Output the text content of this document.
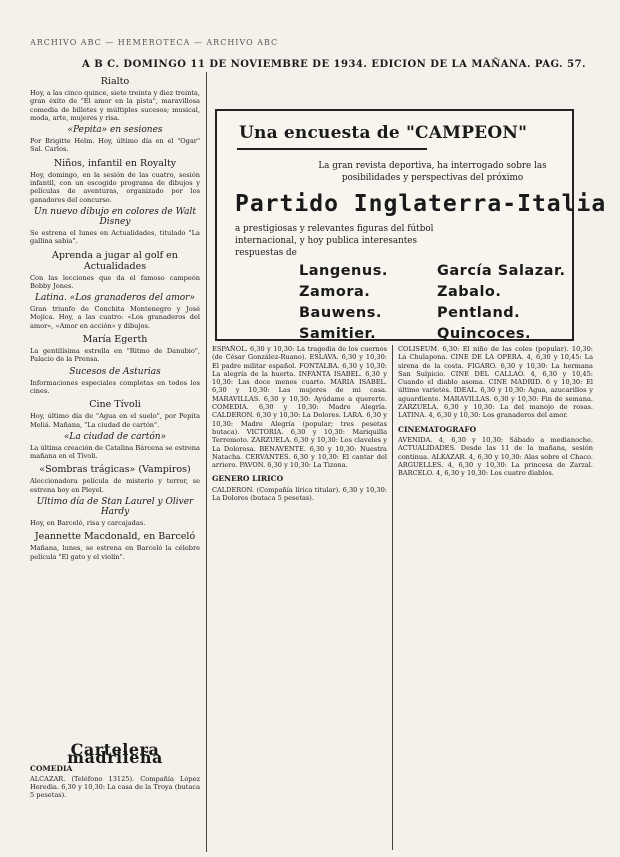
ARCHIVO ABC — HEMEROTECA — ARCHIVO ABC
A B C. DOMINGO 11 DE NOVIEMBRE DE 1934. EDICION DE LA MAÑANA. PAG. 57.
Rialto

Hoy, a las cinco quince, siete treinta y diez treinta, gran éxito de "El amor en la pista", maravillosa comedia de billetes y múltiples sucesos; musical, moda, arte, mujeres y risa.

«Pepita» en sesiones

Por Brigitte Helm. Hoy, último día en el "Ogar" Sal. Carlos.

Niños, infantil en Royalty

Hoy, domingo, en la sesión de las cuatro, sesión infantil, con un escogido programa de dibujos y películas de aventuras, organizado por los ganadores del concurso.

Un nuevo dibujo en colores de Walt Disney

Se estrena el lunes en Actualidades, titulado "La gallina sabia".

Aprenda a jugar al golf en Actualidades

Con las lecciones que da el famoso campeón Bobby Jones.

Latina. «Los granaderos del amor»

Gran triunfo de Conchita Montenegro y José Mojica. Hoy, a las cuatro: «Los granaderos del amor», «Amor en acción» y dibujos.

María Egerth

La gentilísima estrella en "Ritmo de Danubio", Palacio de la Prensa.

Sucesos de Asturias

Informaciones especiales completas en todos los cines.

Cine Tívoli

Hoy, último día de "Agua en el suelo", por Pepita Meliá. Mañana, "La ciudad de cartón".

«La ciudad de cartón»

La última creación de Catalina Bárcena se estrena mañana en el Tívoli.

«Sombras trágicas» (Vampiros)

Aleccionadora película de misterio y terror, se estrena hoy en Pleyel.

Ultimo día de Stan Laurel y Oliver Hardy

Hoy, en Barceló, risa y carcajadas.

Jeannette Macdonald, en Barceló

Mañana, lunes, se estrena en Barceló la célebre película "El gato y el violín".

Cartelera madrileña
COMEDIA

ALCAZAR. (Teléfono 13125). Compañía López Heredia. 6,30 y 10,30: La casa de la Troya (butaca 5 pesetas).

Una encuesta de "CAMPEON"
La gran revista deportiva, ha interrogado sobre las posibilidades y perspectivas del próximo
Partido Inglaterra-Italia
a prestigiosas y relevantes figuras del fútbol internacional, y hoy publica interesantes respuestas de
Langenus.
Zamora.
Bauwens.
Samitier.
García Salazar.
Zabalo.
Pentland.
Quincoces.

ESPAÑOL. 6,30 y 10,30: La tragedia de los cuernos (de César González-Ruano). ESLAVA. 6,30 y 10,30: El padre militar español. FONTALBA. 6,30 y 10,30: La alegría de la huerta. INFANTA ISABEL. 6,30 y 10,30: Las doce menos cuarto. MARIA ISABEL. 6,30 y 10,30: Las mujeres de mi casa. MARAVILLAS. 6,30 y 10,30: Ayúdame a quererte. COMEDIA. 6,30 y 10,30: Madre Alegría. CALDERON. 6,30 y 10,30: La Dolores. LARA. 6,30 y 10,30: Madre Alegría (popular; tres pesetas butaca). VICTORIA. 6,30 y 10,30: Mariquilla Terremoto. ZARZUELA. 6,30 y 10,30: Los claveles y La Dolorosa. BENAVENTE. 6,30 y 10,30: Nuestra Natacha. CERVANTES. 6,30 y 10,30: El cantar del arriero. PAVON. 6,30 y 10,30: La Tizona.

GENERO LIRICO

CALDERON. (Compañía lírica titular). 6,30 y 10,30: La Dolores (butaca 5 pesetas).

COLISEUM. 6,30: El niño de las coles (popular). 10,30: La Chulapona. CINE DE LA OPERA. 4, 6,30 y 10,45: La sirena de la costa. FIGARO. 6,30 y 10,30: La hermana San Sulpicio. CINE DEL CALLAO. 4, 6,30 y 10,45: Cuando el diablo asoma. CINE MADRID. 6 y 10,30: El último varietés. IDEAL. 6,30 y 10,30: Agua, azucarillos y aguardiente. MARAVILLAS. 6,30 y 10,30: Fin de semana. ZARZUELA. 6,30 y 10,30: La del manojo de rosas. LATINA. 4, 6,30 y 10,30: Los granaderos del amor.

CINEMATOGRAFO

AVENIDA. 4, 6,30 y 10,30: Sábado a medianoche. ACTUALIDADES. Desde las 11 de la mañana, sesión continua. ALKAZAR. 4, 6,30 y 10,30: Alas sobre el Chaco. ARGUELLES. 4, 6,30 y 10,30: La princesa de Zarzal. BARCELO. 4, 6,30 y 10,30: Los cuatro diablos.
